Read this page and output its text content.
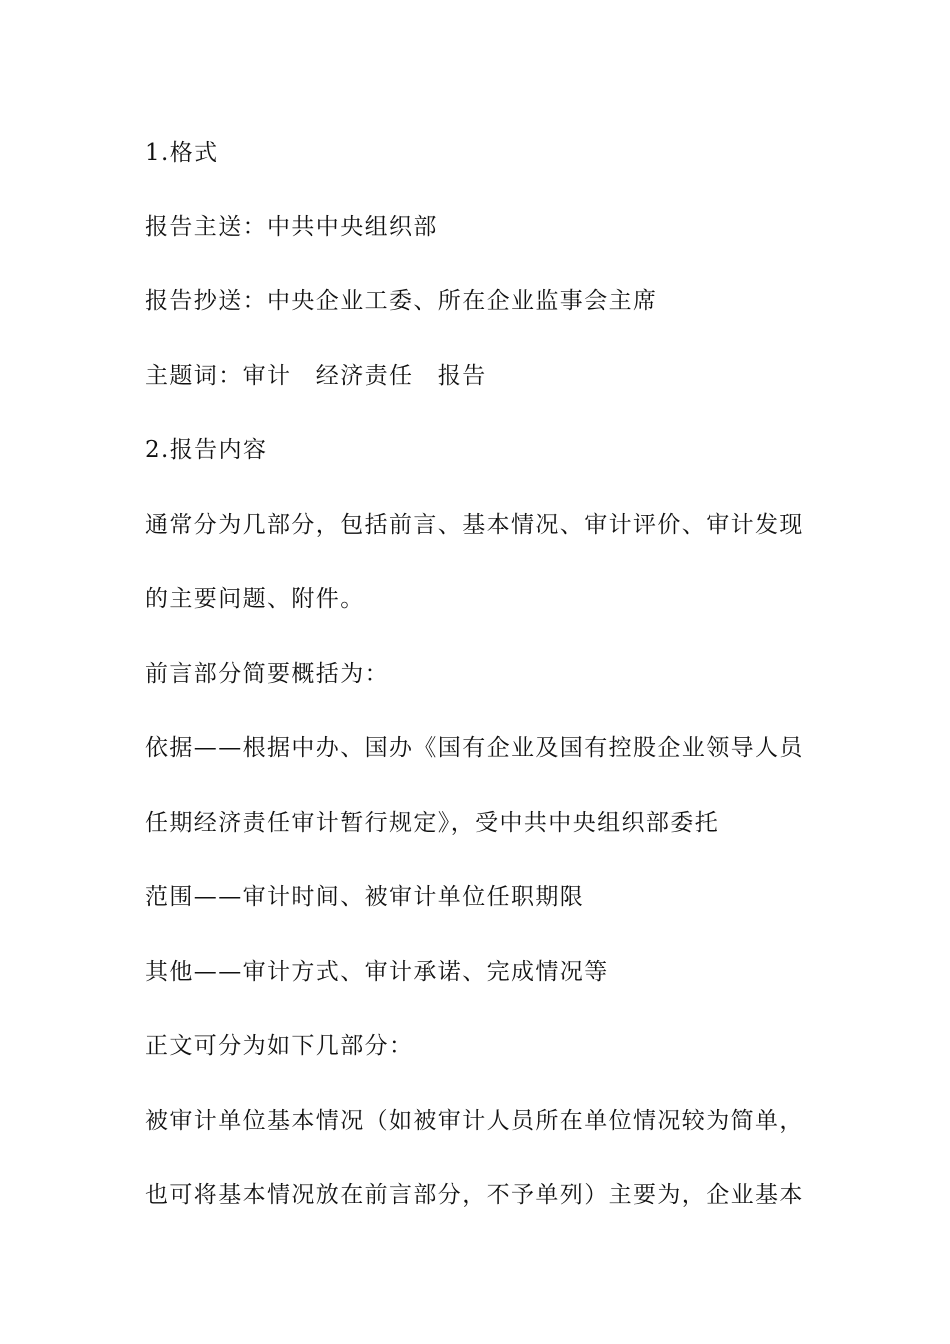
1.格式

报告主送：中共中央组织部

报告抄送：中央企业工委、所在企业监事会主席

主题词：审计　经济责任　报告

2.报告内容

通常分为几部分，包括前言、基本情况、审计评价、审计发现

的主要问题、附件。

前言部分简要概括为：

依据——根据中办、国办《国有企业及国有控股企业领导人员

任期经济责任审计暂行规定》，受中共中央组织部委托

范围——审计时间、被审计单位任职期限

其他——审计方式、审计承诺、完成情况等

正文可分为如下几部分：

被审计单位基本情况（如被审计人员所在单位情况较为简单，

也可将基本情况放在前言部分，不予单列）主要为，企业基本
